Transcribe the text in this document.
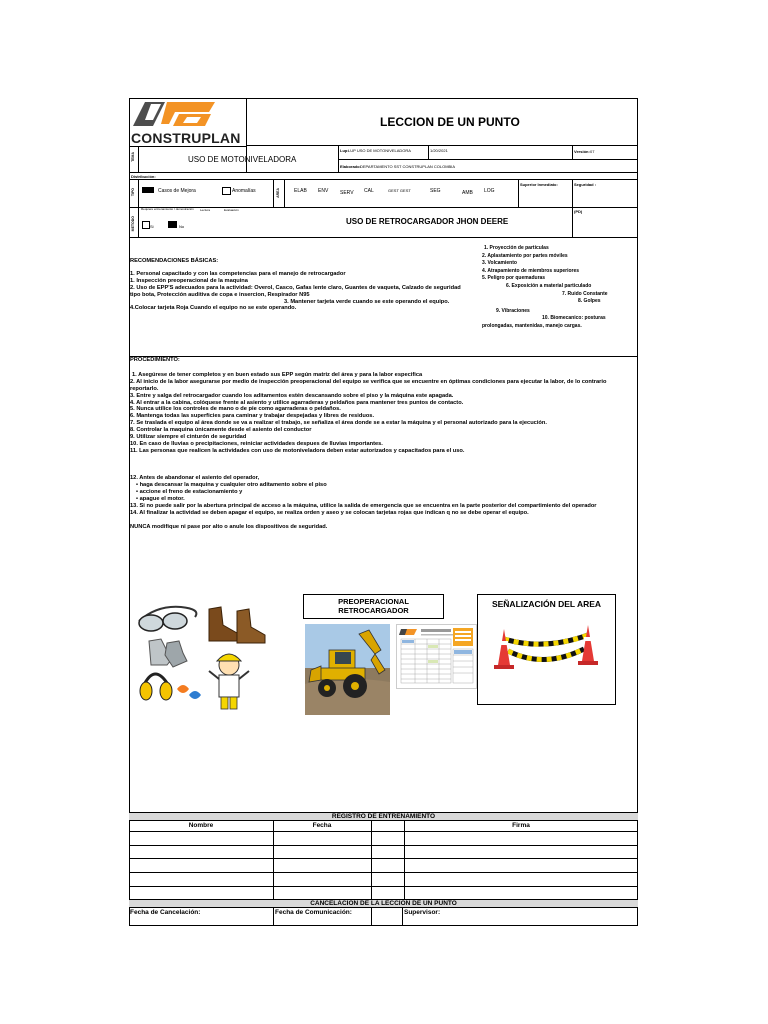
CONSTRUPLAN
LECCION DE UN PUNTO
TEMA	USO DE MOTONIVELADORA
Lup: LUP USO DE MOTONIVELADORA	1/20/2021	Versión: 07
Elaborado: DEPARTAMENTO SST CONSTRUPLAN COLOMBIA
Distribución:
TIPO	Casos de Mejora	Anomalías	AREA	ELAB ENV SERV CAL	GEST GEST	SEG	AMB LOG
Superior Inmediato:	Seguridad :
METODO
Requiere entrenamiento / demostración	Lectura	Evaluación
Si	No
USO DE RETROCARGADOR JHON DEERE
(PD)
RECOMENDACIONES BÁSICAS:
1. Personal capacitado y con las competencias para el manejo de retrocargador
1. Inspección preoperacional de la maquina
2. Uso de EPP'S adecuados para la actividad: Overol, Casco, Gafas lente claro, Guantes de vaqueta, Calzado de seguridad
tipo bota, Protección auditiva de copa e insercion, Respirador N95
3. Mantener tarjeta verde cuando se este operando el equipo.
4.Colocar tarjeta Roja Cuando el equipo no se este operando.
1. Proyección de partículas
2. Aplastamiento por partes móviles
3. Volcamiento
4. Atrapamiento de miembros superiores
5. Peligro por quemaduras
6. Exposición a material particulado
7. Ruido Constante
8. Golpes
9. Vibraciones
10. Biomecanico: posturas
prolongadas, mantenidas, manejo cargas.
PROCEDIMIENTO:
1. Asegúrese de tener completos y en buen estado sus EPP según matriz del área y para la labor especifica
2. Al inicio de la labor asegurarse por medio de inspección preoperacional del equipo se verifica que se encuentre en óptimas condiciones para ejecutar la labor, de lo contrario
reportarlo.
3. Entre y salga del retrocargador cuando los aditamentos estén descansando sobre el piso y la máquina este apagada.
4. Al entrar a la cabina, colóquese frente al asiento y utilice agarraderas y peldaños para mantener tres puntos de contacto.
5. Nunca utilice los controles de mano o de pie como agarraderas o peldaños.
6. Mantenga todas las superficies para caminar y trabajar despejadas y libres de residuos.
7. Se traslada el equipo al área donde se va a realizar el trabajo, se señaliza el área donde se a estar la máquina y el personal autorizado para la ejecución.
8. Controlar la maquina únicamente desde el asiento del conductor
9. Utilizar siempre el cinturón de seguridad
10. En caso de lluvias o precipitaciones, reiniciar actividades despues de lluvias importantes.
11. Las personas que realicen la actividades con uso de motoniveladora deben estar autorizados y capacitados para el uso.
12. Antes de abandonar el asiento del operador,
• haga descansar la maquina y cualquier otro aditamento sobre el piso
• accione el freno de estacionamiento y
• apague el motor.
13. Si no puede salir por la abertura principal de acceso a la máquina, utilice la salida de emergencia que se encuentra en la parte posterior del compartimiento del operador
14. Al finalizar la actividad se deben apagar el equipo, se realiza orden y aseo y se colocan tarjetas rojas que indican q no se debe operar el equipo.
NUNCA modifique ni pase por alto o anule los dispositivos de seguridad.
PREOPERACIONAL RETROCARGADOR
SEÑALIZACIÓN DEL AREA
REGISTRO DE ENTRENAMIENTO
Nombre	Fecha	Firma
CANCELACION DE LA LECCION DE UN PUNTO
Fecha de Cancelación:	Fecha de Comunicación:	Supervisor:
